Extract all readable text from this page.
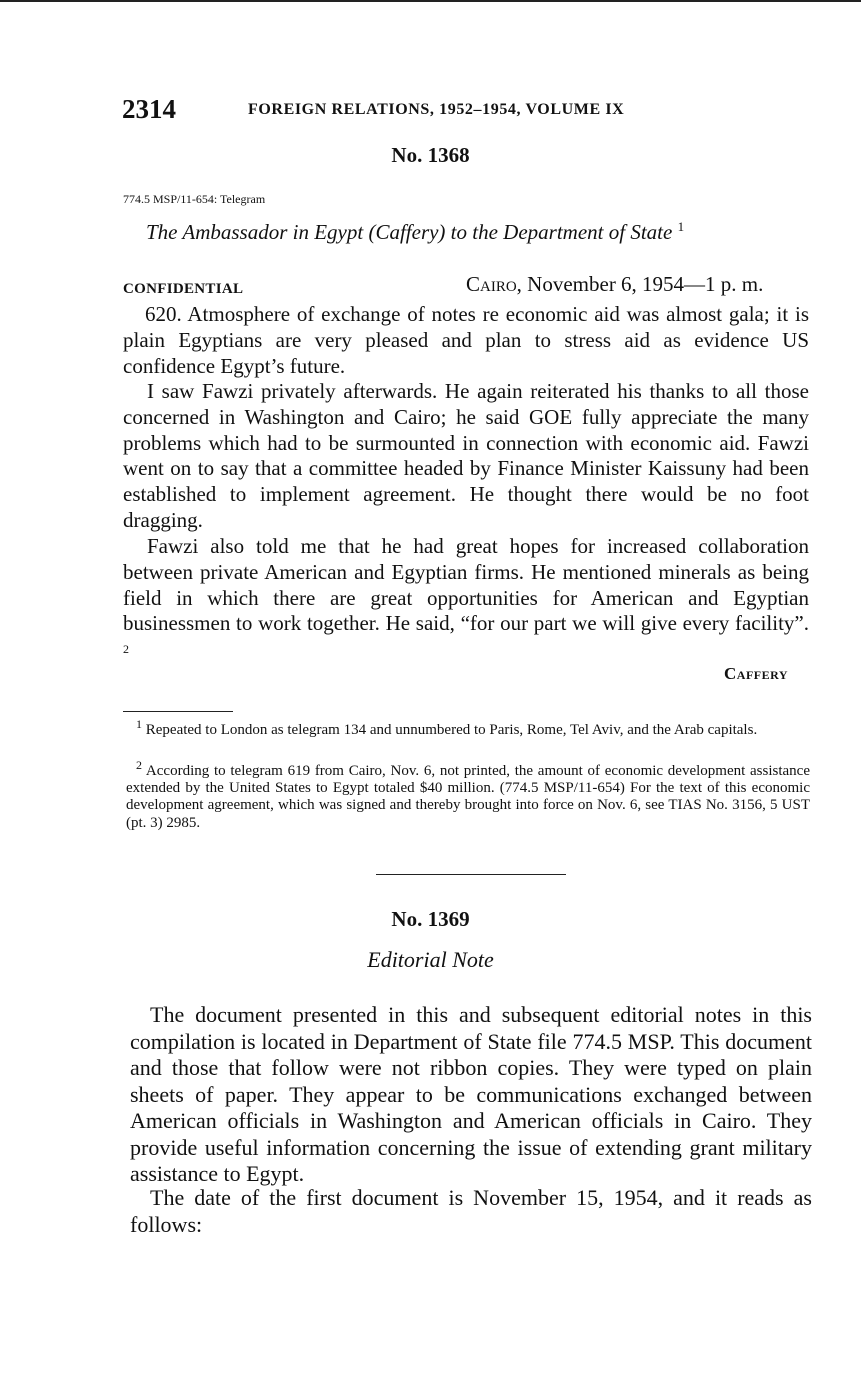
2314	FOREIGN RELATIONS, 1952–1954, VOLUME IX
No. 1368
774.5 MSP/11-654: Telegram
The Ambassador in Egypt (Caffery) to the Department of State $^1$
CONFIDENTIAL	Cairo, November 6, 1954—1 p. m.
620. Atmosphere of exchange of notes re economic aid was almost gala; it is plain Egyptians are very pleased and plan to stress aid as evidence US confidence Egypt’s future.
I saw Fawzi privately afterwards. He again reiterated his thanks to all those concerned in Washington and Cairo; he said GOE fully appreciate the many problems which had to be surmounted in connection with economic aid. Fawzi went on to say that a committee headed by Finance Minister Kaissuny had been established to implement agreement. He thought there would be no foot dragging.
Fawzi also told me that he had great hopes for increased collaboration between private American and Egyptian firms. He mentioned minerals as being field in which there are great opportunities for American and Egyptian businessmen to work together. He said, “for our part we will give every facility”. $^2$
Caffery
$^1$ Repeated to London as telegram 134 and unnumbered to Paris, Rome, Tel Aviv, and the Arab capitals.
$^2$ According to telegram 619 from Cairo, Nov. 6, not printed, the amount of economic development assistance extended by the United States to Egypt totaled $40 million. (774.5 MSP/11-654) For the text of this economic development agreement, which was signed and thereby brought into force on Nov. 6, see TIAS No. 3156, 5 UST (pt. 3) 2985.
No. 1369
Editorial Note
The document presented in this and subsequent editorial notes in this compilation is located in Department of State file 774.5 MSP. This document and those that follow were not ribbon copies. They were typed on plain sheets of paper. They appear to be communications exchanged between American officials in Washington and American officials in Cairo. They provide useful information concerning the issue of extending grant military assistance to Egypt.
The date of the first document is November 15, 1954, and it reads as follows:
